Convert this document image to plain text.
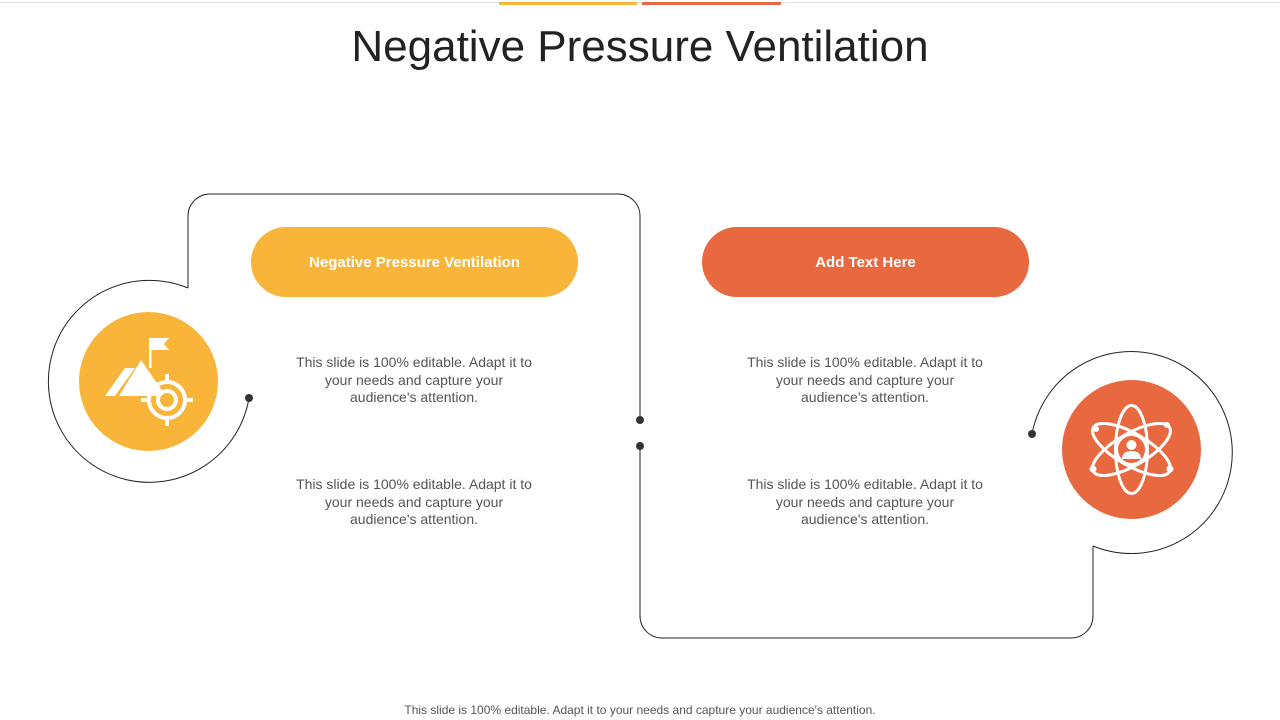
Negative Pressure Ventilation
Negative Pressure Ventilation	Add Text Here
This slide is 100% editable. Adapt it to your needs and capture your audience's attention.
This slide is 100% editable. Adapt it to your needs and capture your audience's attention.
This slide is 100% editable. Adapt it to your needs and capture your audience's attention.
This slide is 100% editable. Adapt it to your needs and capture your audience's attention.
This slide is 100% editable. Adapt it to your needs and capture your audience's attention.
